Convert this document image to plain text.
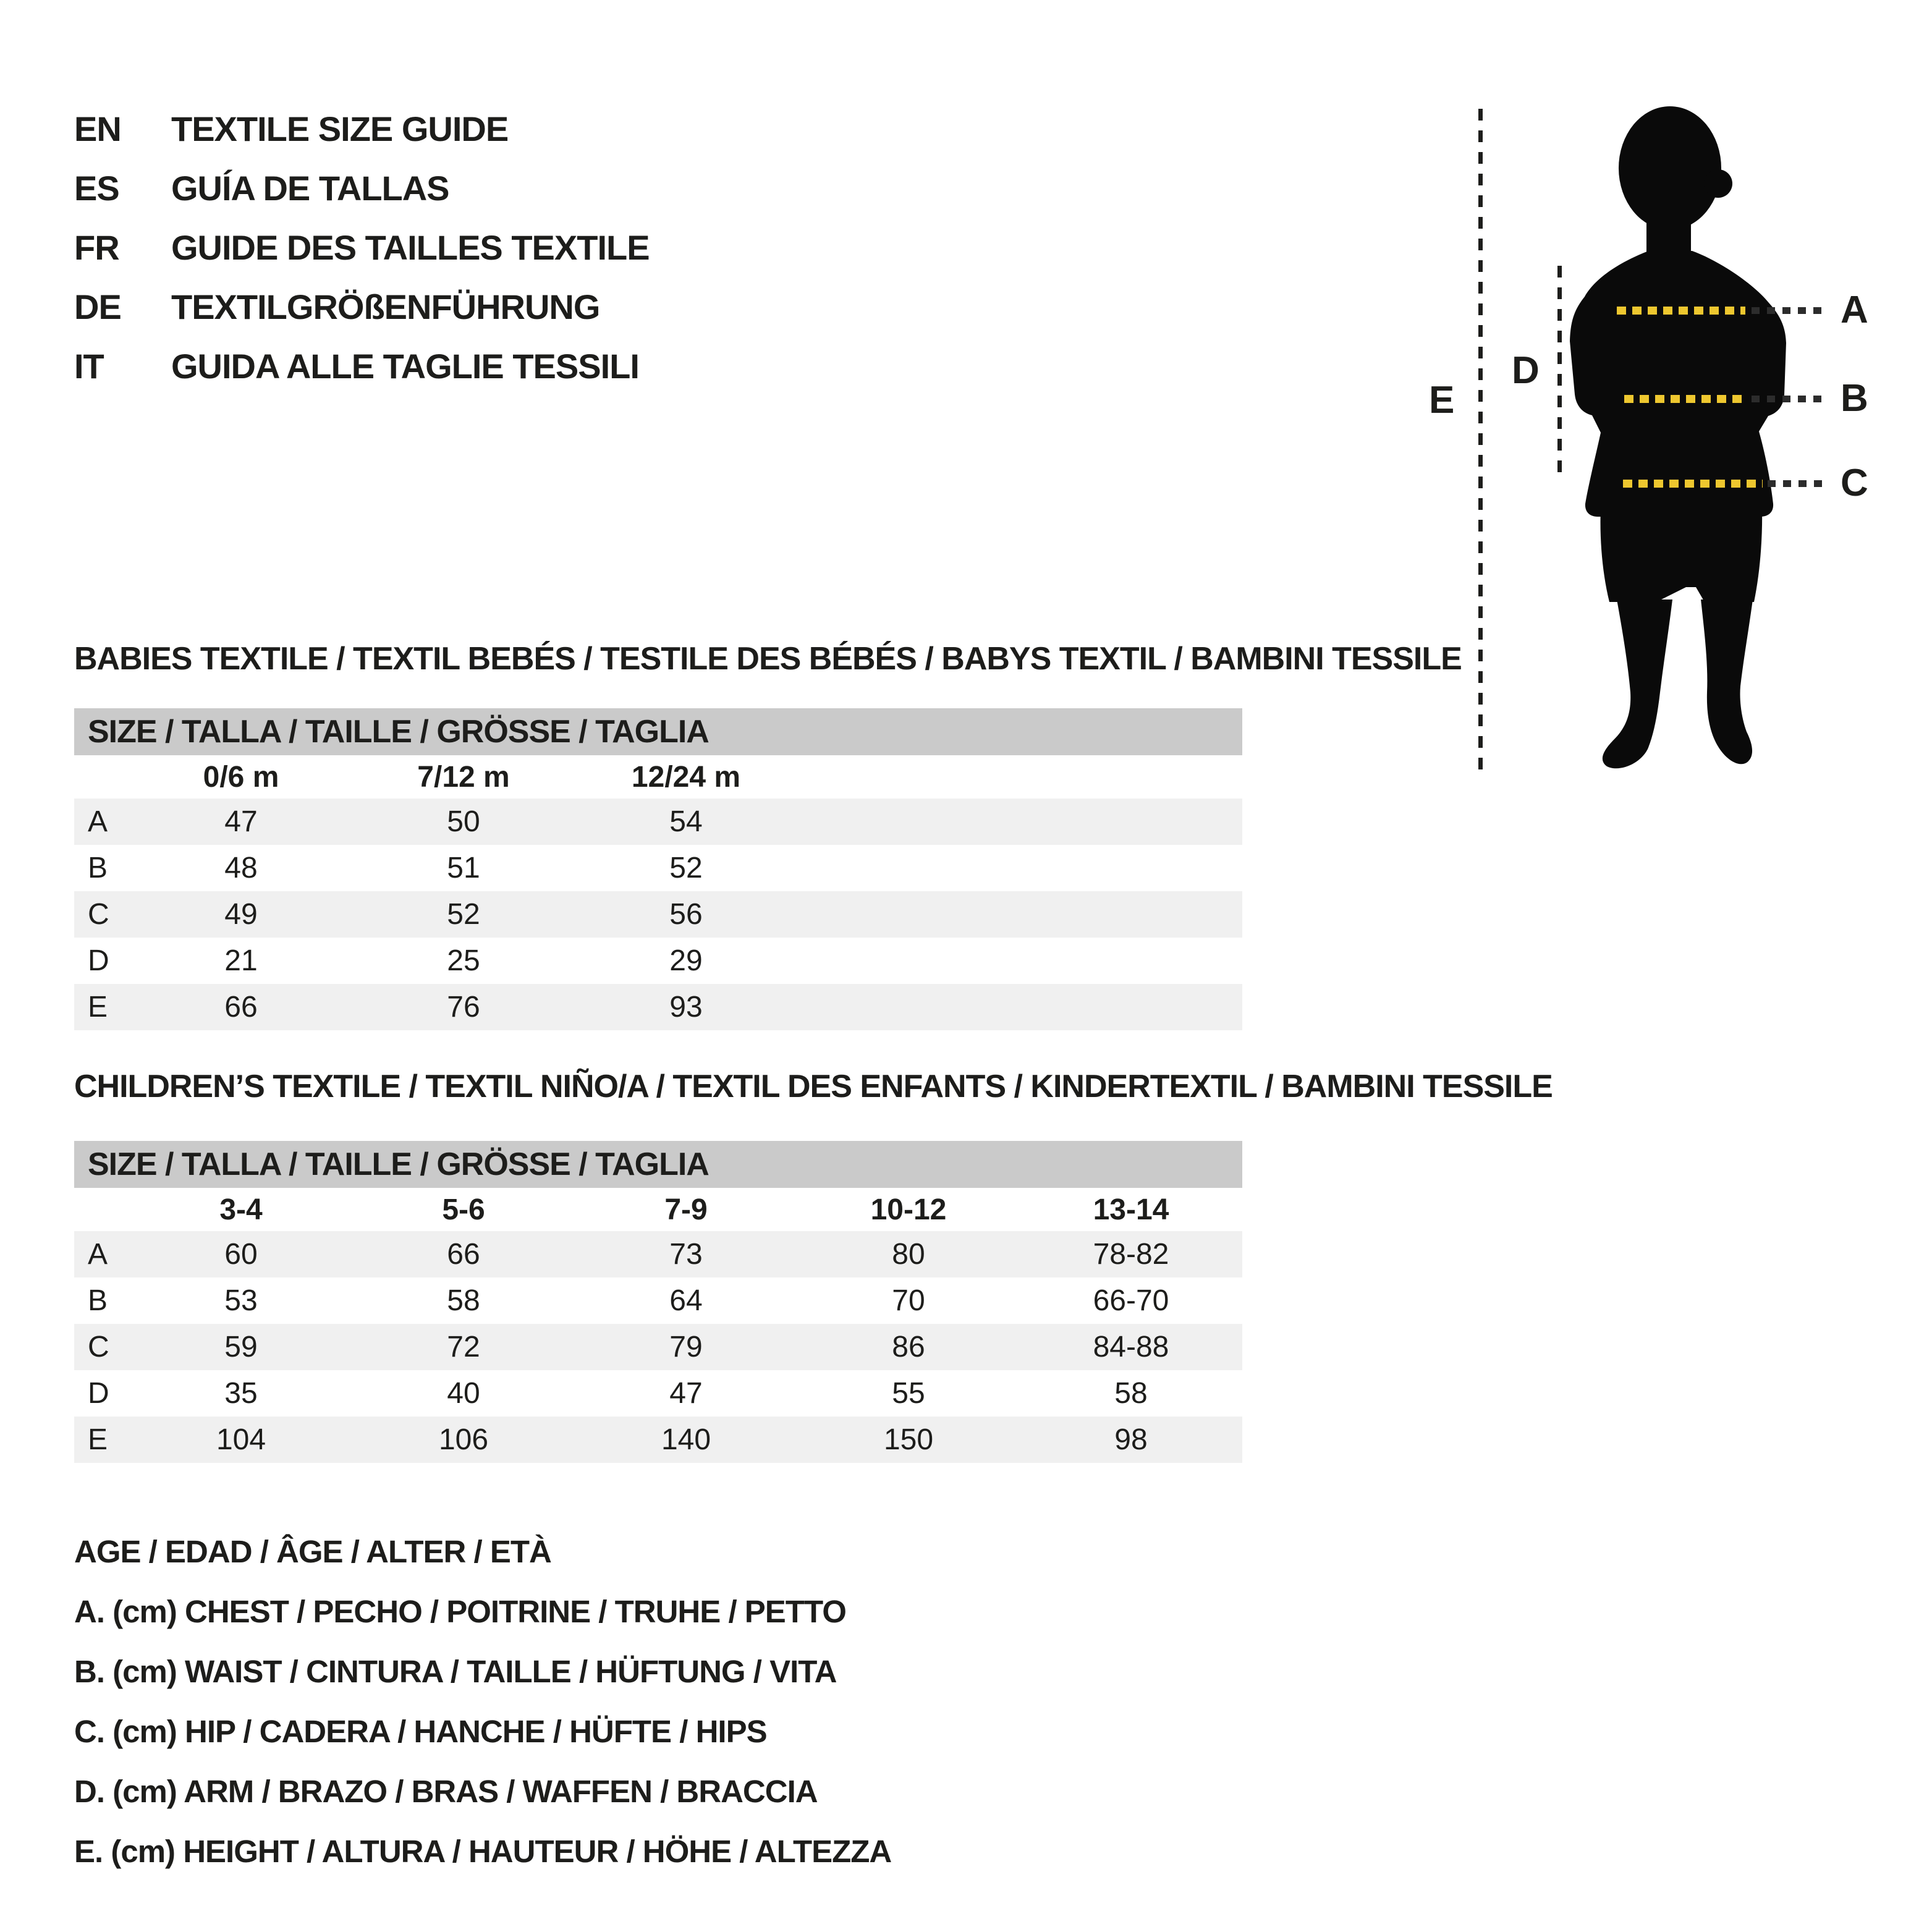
EN	TEXTILE SIZE GUIDE
ES	GUÍA DE TALLAS
FR	GUIDE DES TAILLES TEXTILE
DE	TEXTILGRÖßENFÜHRUNG
IT	GUIDA ALLE TAGLIE TESSILI
A
B
C
D
E
BABIES TEXTILE / TEXTIL BEBÉS / TESTILE DES BÉBÉS / BABYS TEXTIL / BAMBINI TESSILE
SIZE / TALLA / TAILLE / GRÖSSE / TAGLIA
0/6 m	7/12 m	12/24 m
A	47	50	54
B	48	51	52
C	49	52	56
D	21	25	29
E	66	76	93
CHILDREN’S TEXTILE / TEXTIL NIÑO/A / TEXTIL DES ENFANTS / KINDERTEXTIL / BAMBINI TESSILE
SIZE / TALLA / TAILLE / GRÖSSE / TAGLIA
3-4	5-6	7-9	10-12	13-14
A	60	66	73	80	78-82
B	53	58	64	70	66-70
C	59	72	79	86	84-88
D	35	40	47	55	58
E	104	106	140	150	98
AGE / EDAD / ÂGE / ALTER / ETÀ
A. (cm) CHEST / PECHO / POITRINE / TRUHE / PETTO
B. (cm) WAIST / CINTURA / TAILLE / HÜFTUNG / VITA
C. (cm) HIP / CADERA / HANCHE / HÜFTE / HIPS
D. (cm) ARM / BRAZO / BRAS / WAFFEN / BRACCIA
E. (cm) HEIGHT / ALTURA / HAUTEUR / HÖHE / ALTEZZA
